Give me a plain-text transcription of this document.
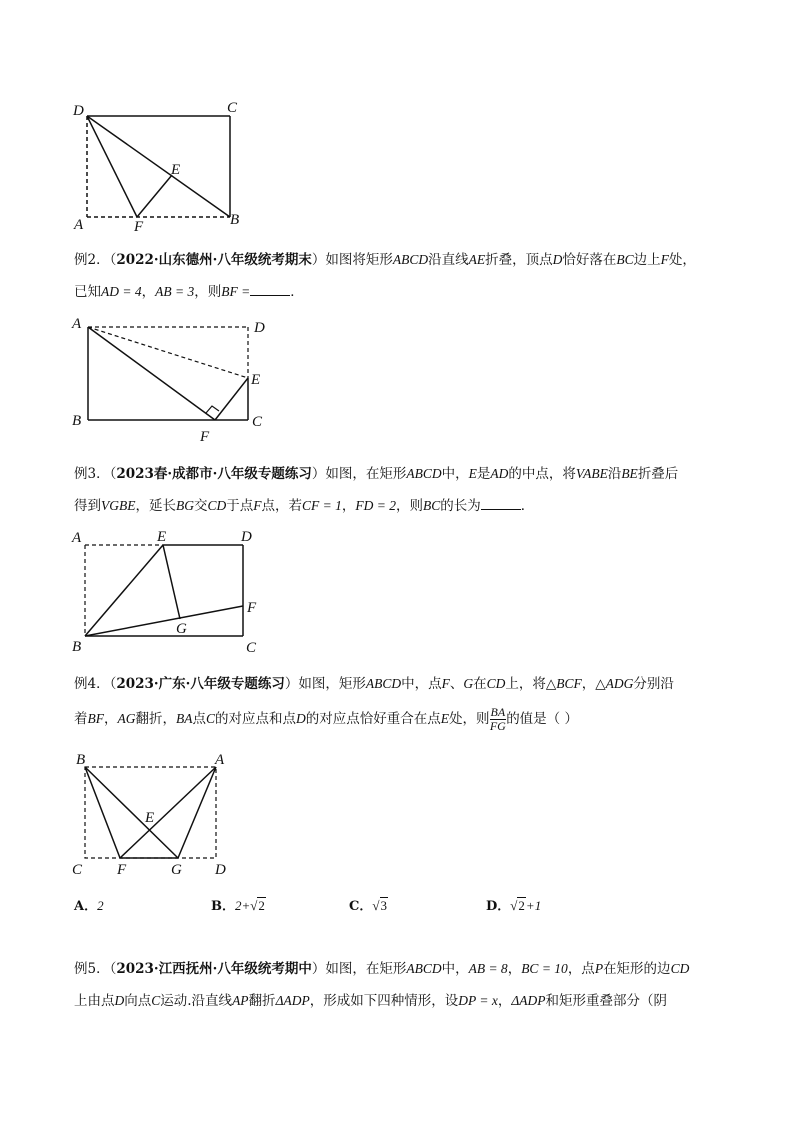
D	C
E
A	F	B
例2．（2022·山东德州·八年级统考期末）如图将矩形ABCD沿直线AE折叠，顶点D恰好落在BC边上F处，
已知AD = 4，AB = 3，则BF =	．
A	D
E
B
F
C
例3．（2023春·成都市·八年级专题练习）如图，在矩形ABCD中，E是AD的中点，将VABE沿BE折叠后
得到VGBE，延长BG交CD于点F点，若CF = 1，FD = 2，则BC的长为	．
A	E	D
F
G
B	C
例4．（2023·广东·八年级专题练习）如图，矩形ABCD中，点F、G在CD上，将△BCF，△ADG分别沿
着BF，AG翻折，BA点C的对应点和点D的对应点恰好重合在点E处，则 $\frac{BA}{FG}$ 的值是（ ）
B	A
E
C F	G D
A．2	B．2+√2	C．√3	D．√2+1
例5．（2023·江西抚州·八年级统考期中）如图，在矩形ABCD中，AB = 8，BC = 10，点P在矩形的边CD
上由点D向点C运动.沿直线AP翻折ΔADP，形成如下四种情形，设DP = x，ΔADP和矩形重叠部分（阴
